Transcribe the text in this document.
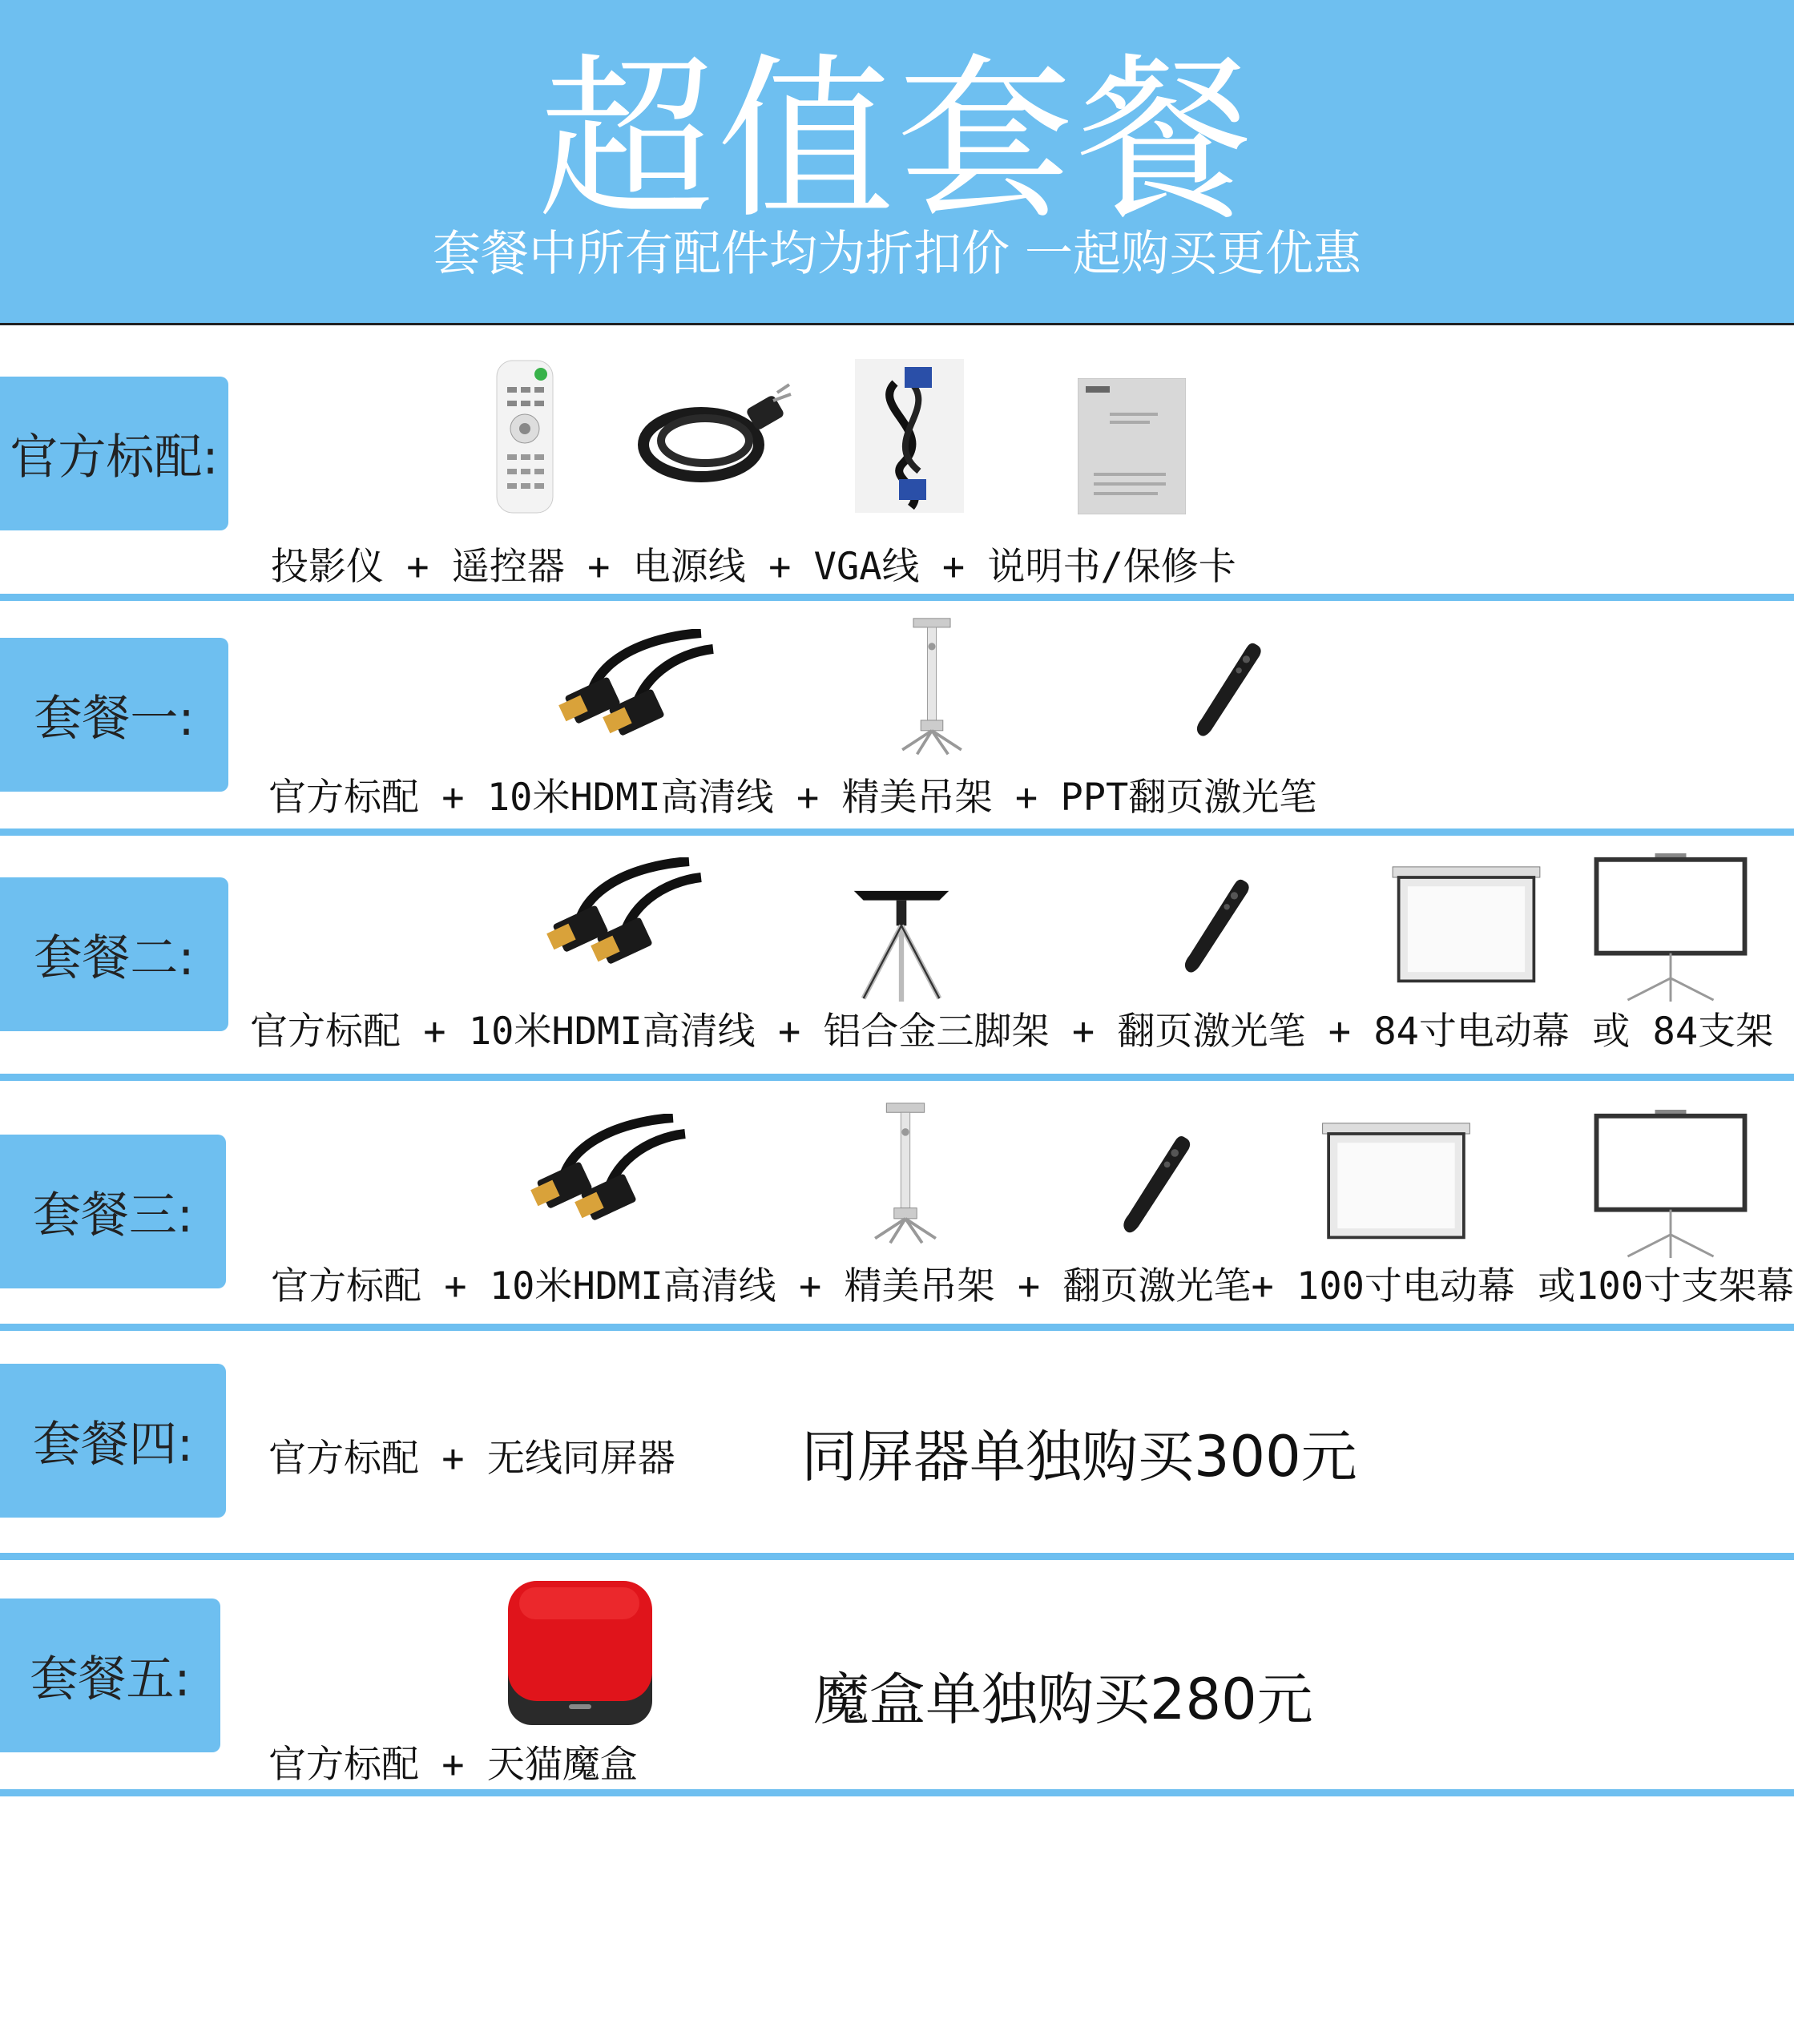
超值套餐
套餐中所有配件均为折扣价 一起购买更优惠
官方标配:
投影仪 + 遥控器 + 电源线 + VGA线 + 说明书/保修卡
套餐一:
官方标配 + 10米HDMI高清线 + 精美吊架 + PPT翻页激光笔
套餐二:
官方标配 + 10米HDMI高清线 + 铝合金三脚架 + 翻页激光笔 + 84寸电动幕 或 84支架
套餐三:
官方标配 + 10米HDMI高清线 + 精美吊架 + 翻页激光笔+ 100寸电动幕 或100寸支架幕
套餐四:	官方标配 + 无线同屏器 同屏器单独购买300元
套餐五:
官方标配 + 天猫魔盒
魔盒单独购买280元
